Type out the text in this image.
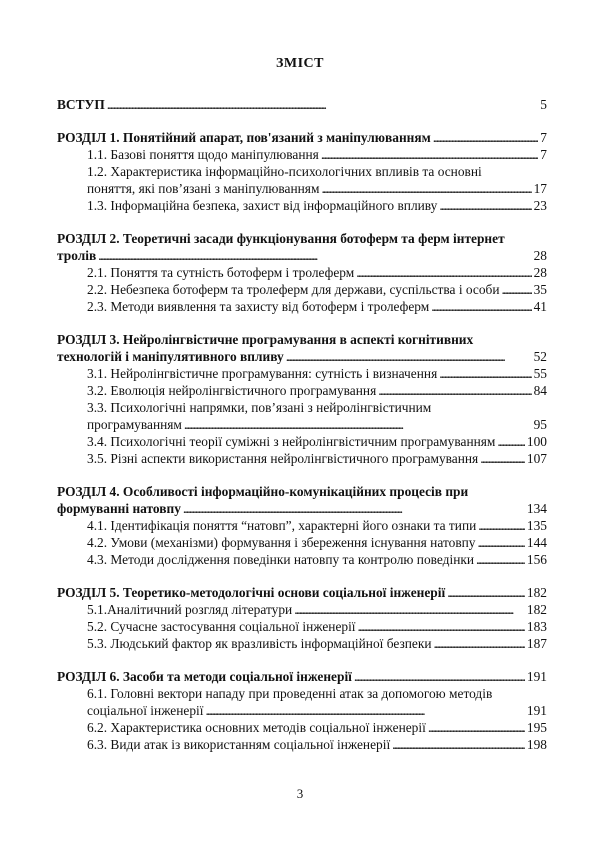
ЗМІСТ
ВСТУП . . .	5
РОЗДІЛ 1. Понятійний апарат, пов'язаний з маніпулюванням . . .	7
1.1. Базові поняття щодо маніпулювання . . .	7
1.2. Характеристика інформаційно-психологічних впливів та основні
поняття, які пов’язані з маніпулюванням . . .	17
1.3. Інформаційна безпека, захист від інформаційного впливу . . .	23
РОЗДІЛ 2. Теоретичні засади функціонування ботоферм та ферм інтернет
тролів . . .	28
2.1. Поняття та сутність ботоферм і тролеферм . . .	28
2.2. Небезпека ботоферм та тролеферм для держави, суспільства і особи . . .	35
2.3. Методи виявлення та захисту від ботоферм і тролеферм . . .	41
РОЗДІЛ 3. Нейролінгвістичне програмування в аспекті когнітивних
технологій і маніпулятивного впливу . . .	52
3.1. Нейролінгвістичне програмування: сутність і визначення . . .	55
3.2. Еволюція нейролінгвістичного програмування . . .	84
3.3. Психологічні напрямки, пов’язані з нейролінгвістичним
програмуванням . . .	95
3.4. Психологічні теорії суміжні з нейролінгвістичним програмуванням . . . 100
3.5. Різні аспекти використання нейролінгвістичного програмування . . .	107
РОЗДІЛ 4. Особливості інформаційно-комунікаційних процесів при
формуванні натовпу . . .	134
4.1. Ідентифікація поняття “натовп”, характерні його ознаки та типи . . .	135
4.2. Умови (механізми) формування і збереження існування натовпу . . .	144
4.3. Методи дослідження поведінки натовпу та контролю поведінки . . .	156
РОЗДІЛ 5. Теоретико-методологічні основи соціальної інженерії . . .	182
5.1.Аналітичний розгляд літератури . . .	182
5.2. Сучасне застосування соціальної інженерії . . .	183
5.3. Людський фактор як вразливість інформаційної безпеки . . .	187
РОЗДІЛ 6. Засоби та методи соціальної інженерії . . .	191
6.1. Головні вектори нападу при проведенні атак за допомогою методів
соціальної інженерії . . .	191
6.2. Характеристика основних методів соціальної інженерії . . .	195
6.3. Види атак із використанням соціальної інженерії . . .	198
3
